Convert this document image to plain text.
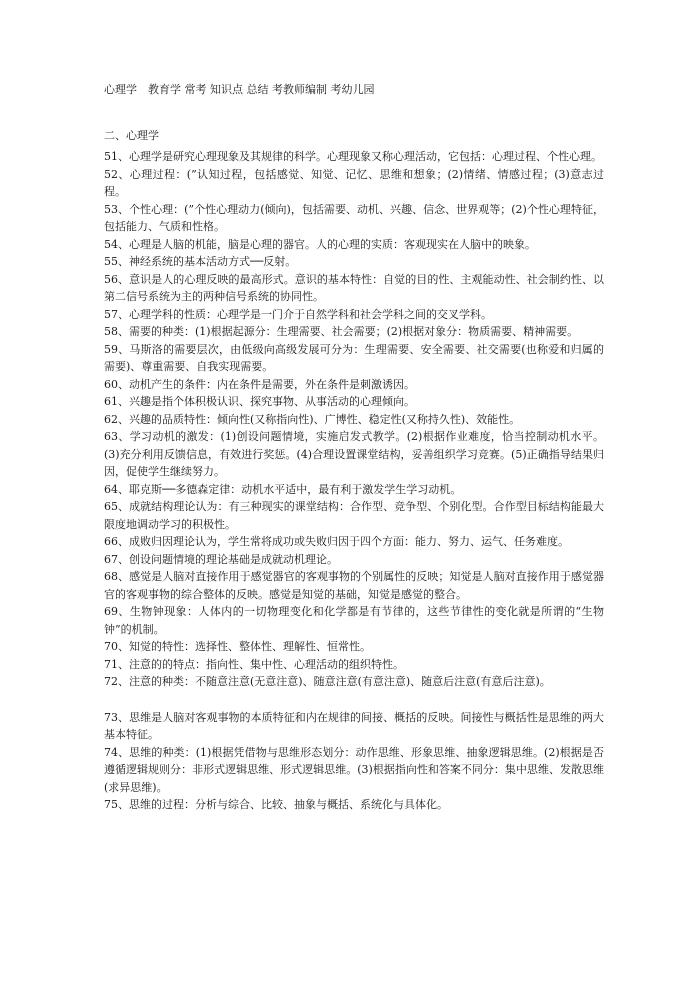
心理学　教育学 常考 知识点 总结 考教师编制 考幼儿园
二、心理学

51、心理学是研究心理现象及其规律的科学。心理现象又称心理活动，它包括：心理过程、个性心理。

52、心理过程：(”认知过程，包括感觉、知觉、记忆、思维和想象；(2)情绪、情感过程；(3)意志过程。

53、个性心理：(”个性心理动力(倾向)，包括需要、动机、兴趣、信念、世界观等；(2)个性心理特征，包括能力、气质和性格。

54、心理是人脑的机能，脑是心理的器官。人的心理的实质：客观现实在人脑中的映象。

55、神经系统的基本活动方式──反射。

56、意识是人的心理反映的最高形式。意识的基本特性：自觉的目的性、主观能动性、社会制约性、以第二信号系统为主的两种信号系统的协同性。

57、心理学科的性质：心理学是一门介于自然学科和社会学科之间的交叉学科。

58、需要的种类：(1)根据起源分：生理需要、社会需要；(2)根据对象分：物质需要、精神需要。

59、马斯洛的需要层次，由低级向高级发展可分为：生理需要、安全需要、社交需要(也称爱和归属的需要)、尊重需要、自我实现需要。

60、动机产生的条件：内在条件是需要，外在条件是刺激诱因。

61、兴趣是指个体积极认识、探究事物、从事活动的心理倾向。

62、兴趣的品质特性：倾向性(又称指向性)、广博性、稳定性(又称持久性)、效能性。

63、学习动机的激发：(1)创设问题情境，实施启发式教学。(2)根据作业难度，恰当控制动机水平。(3)充分利用反馈信息，有效进行奖惩。(4)合理设置课堂结构，妥善组织学习竞赛。(5)正确指导结果归因，促使学生继续努力。

64、耶克斯──多德森定律：动机水平适中，最有利于激发学生学习动机。

65、成就结构理论认为：有三种现实的课堂结构：合作型、竞争型、个别化型。合作型目标结构能最大限度地调动学习的积极性。

66、成败归因理论认为，学生常将成功或失败归因于四个方面：能力、努力、运气、任务难度。

67、创设问题情境的理论基础是成就动机理论。

68、感觉是人脑对直接作用于感觉器官的客观事物的个别属性的反映；知觉是人脑对直接作用于感觉器官的客观事物的综合整体的反映。感觉是知觉的基础，知觉是感觉的整合。

69、生物钟现象：人体内的一切物理变化和化学都是有节律的，这些节律性的变化就是所谓的“生物钟”的机制。

70、知觉的特性：选择性、整体性、理解性、恒常性。

71、注意的的特点：指向性、集中性、心理活动的组织特性。

72、注意的种类：不随意注意(无意注意)、随意注意(有意注意)、随意后注意(有意后注意)。

73、思维是人脑对客观事物的本质特征和内在规律的间接、概括的反映。间接性与概括性是思维的两大基本特征。

74、思维的种类：(1)根据凭借物与思维形态划分：动作思维、形象思维、抽象逻辑思维。(2)根据是否遵循逻辑规则分：非形式逻辑思维、形式逻辑思维。(3)根据指向性和答案不同分：集中思维、发散思维(求异思维)。

75、思维的过程：分析与综合、比较、抽象与概括、系统化与具体化。
